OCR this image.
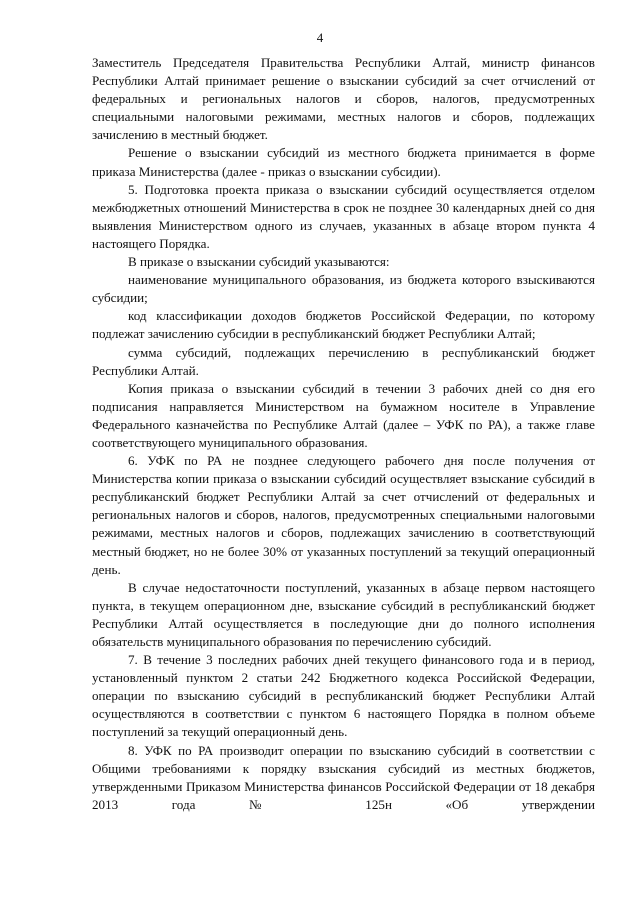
4

Заместитель Председателя Правительства Республики Алтай, министр финансов Республики Алтай принимает решение о взыскании субсидий за счет отчислений от федеральных и региональных налогов и сборов, налогов, предусмотренных специальными налоговыми режимами, местных налогов и сборов, подлежащих зачислению в местный бюджет.

Решение о взыскании субсидий из местного бюджета принимается в форме приказа Министерства (далее - приказ о взыскании субсидии).

5. Подготовка проекта приказа о взыскании субсидий осуществляется отделом межбюджетных отношений Министерства в срок не позднее 30 календарных дней со дня выявления Министерством одного из случаев, указанных в абзаце втором пункта 4 настоящего Порядка.

В приказе о взыскании субсидий указываются:

наименование муниципального образования, из бюджета которого взыскиваются субсидии;

код классификации доходов бюджетов Российской Федерации, по которому подлежат зачислению субсидии в республиканский бюджет Республики Алтай;

сумма субсидий, подлежащих перечислению в республиканский бюджет Республики Алтай.

Копия приказа о взыскании субсидий в течении 3 рабочих дней со дня его подписания направляется Министерством на бумажном носителе в Управление Федерального казначейства по Республике Алтай (далее – УФК по РА), а также главе соответствующего муниципального образования.

6. УФК по РА не позднее следующего рабочего дня после получения от Министерства копии приказа о взыскании субсидий осуществляет взыскание субсидий в республиканский бюджет Республики Алтай за счет отчислений от федеральных и региональных налогов и сборов, налогов, предусмотренных специальными налоговыми режимами, местных налогов и сборов, подлежащих зачислению в соответствующий местный бюджет, но не более 30% от указанных поступлений за текущий операционный день.

В случае недостаточности поступлений, указанных в абзаце первом настоящего пункта, в текущем операционном дне, взыскание субсидий в республиканский бюджет Республики Алтай осуществляется в последующие дни до полного исполнения обязательств муниципального образования по перечислению субсидий.

7. В течение 3 последних рабочих дней текущего финансового года и в период, установленный пунктом 2 статьи 242 Бюджетного кодекса Российской Федерации, операции по взысканию субсидий в республиканский бюджет Республики Алтай осуществляются в соответствии с пунктом 6 настоящего Порядка в полном объеме поступлений за текущий операционный день.

8. УФК по РА производит операции по взысканию субсидий в соответствии с Общими требованиями к порядку взыскания субсидий из местных бюджетов, утвержденными Приказом Министерства финансов Российской Федерации от 18 декабря 2013 года № 125н «Об утверждении
